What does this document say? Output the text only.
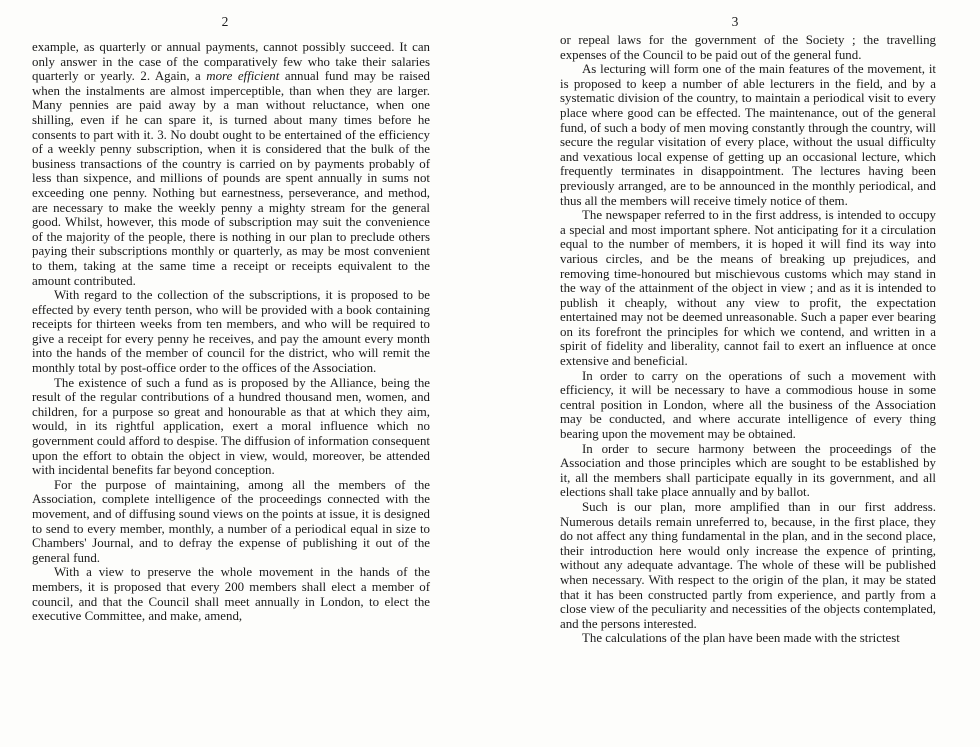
2

example, as quarterly or annual payments, cannot possibly succeed. It can only answer in the case of the comparatively few who take their salaries quarterly or yearly. 2. Again, a more efficient annual fund may be raised when the instalments are almost imperceptible, than when they are larger. Many pennies are paid away by a man without reluctance, when one shilling, even if he can spare it, is turned about many times before he consents to part with it. 3. No doubt ought to be entertained of the efficiency of a weekly penny subscription, when it is considered that the bulk of the business transactions of the country is carried on by payments probably of less than sixpence, and millions of pounds are spent annually in sums not exceeding one penny. Nothing but earnestness, perseverance, and method, are necessary to make the weekly penny a mighty stream for the general good. Whilst, however, this mode of subscription may suit the convenience of the majority of the people, there is nothing in our plan to preclude others paying their subscriptions monthly or quarterly, as may be most convenient to them, taking at the same time a receipt or receipts equivalent to the amount contributed.

With regard to the collection of the subscriptions, it is proposed to be effected by every tenth person, who will be provided with a book containing receipts for thirteen weeks from ten members, and who will be required to give a receipt for every penny he receives, and pay the amount every month into the hands of the member of council for the district, who will remit the monthly total by post-office order to the offices of the Association.

The existence of such a fund as is proposed by the Alliance, being the result of the regular contributions of a hundred thousand men, women, and children, for a purpose so great and honourable as that at which they aim, would, in its rightful application, exert a moral influence which no government could afford to despise. The diffusion of information consequent upon the effort to obtain the object in view, would, moreover, be attended with incidental benefits far beyond conception.

For the purpose of maintaining, among all the members of the Association, complete intelligence of the proceedings connected with the movement, and of diffusing sound views on the points at issue, it is designed to send to every member, monthly, a number of a periodical equal in size to Chambers' Journal, and to defray the expense of publishing it out of the general fund.

With a view to preserve the whole movement in the hands of the members, it is proposed that every 200 members shall elect a member of council, and that the Council shall meet annually in London, to elect the executive Committee, and make, amend,

3

or repeal laws for the government of the Society ; the travelling expenses of the Council to be paid out of the general fund.

As lecturing will form one of the main features of the movement, it is proposed to keep a number of able lecturers in the field, and by a systematic division of the country, to maintain a periodical visit to every place where good can be effected. The maintenance, out of the general fund, of such a body of men moving constantly through the country, will secure the regular visitation of every place, without the usual difficulty and vexatious local expense of getting up an occasional lecture, which frequently terminates in disappointment. The lectures having been previously arranged, are to be announced in the monthly periodical, and thus all the members will receive timely notice of them.

The newspaper referred to in the first address, is intended to occupy a special and most important sphere. Not anticipating for it a circulation equal to the number of members, it is hoped it will find its way into various circles, and be the means of breaking up prejudices, and removing time-honoured but mischievous customs which may stand in the way of the attainment of the object in view ; and as it is intended to publish it cheaply, without any view to profit, the expectation entertained may not be deemed unreasonable. Such a paper ever bearing on its forefront the principles for which we contend, and written in a spirit of fidelity and liberality, cannot fail to exert an influence at once extensive and beneficial.

In order to carry on the operations of such a movement with efficiency, it will be necessary to have a commodious house in some central position in London, where all the business of the Association may be conducted, and where accurate intelligence of every thing bearing upon the movement may be obtained.

In order to secure harmony between the proceedings of the Association and those principles which are sought to be established by it, all the members shall participate equally in its government, and all elections shall take place annually and by ballot.

Such is our plan, more amplified than in our first address. Numerous details remain unreferred to, because, in the first place, they do not affect any thing fundamental in the plan, and in the second place, their introduction here would only increase the expence of printing, without any adequate advantage. The whole of these will be published when necessary. With respect to the origin of the plan, it may be stated that it has been constructed partly from experience, and partly from a close view of the peculiarity and necessities of the objects contemplated, and the persons interested.

The calculations of the plan have been made with the strictest
